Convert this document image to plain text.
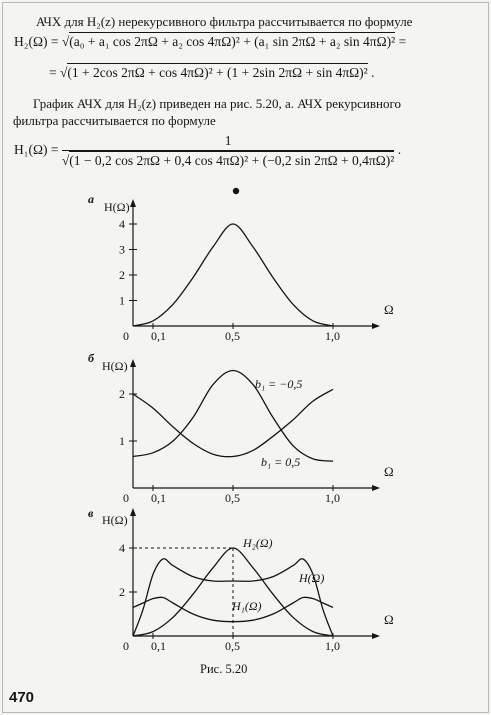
АЧХ для H₂(z) нерекурсивного фильтра рассчитывается по формуле
H₂(Ω) = √(a₀ + a₁ cos 2πΩ + a₂ cos 4πΩ)² + (a₁ sin 2πΩ + a₂ sin 4πΩ)² =
= √(1 + 2cos 2πΩ + cos 4πΩ)² + (1 + 2sin 2πΩ + sin 4πΩ)² .
График АЧХ для H₂(z) приведен на рис. 5.20, а. АЧХ рекурсивного
фильтра рассчитывается по формуле
$H_1(\Omega) = \frac{1}{\text{√(1 − 0,2 cos 2πΩ + 0,4 cos 4πΩ)² + (−0,2 sin 2πΩ + 0,4πΩ)²}}$ .
а
H(Ω)
1
2
3
4
0 0,1	0,5	1,0
Ω
б
H(Ω)
1
2
0 0,1	0,5	1,0
Ω
b₁ = −0,5
b₁ = 0,5
в H(Ω)
2
4
0 0,1	0,5	1,0
Ω
H₂(Ω)
H(Ω)
H₁(Ω)
Рис. 5.20
470
